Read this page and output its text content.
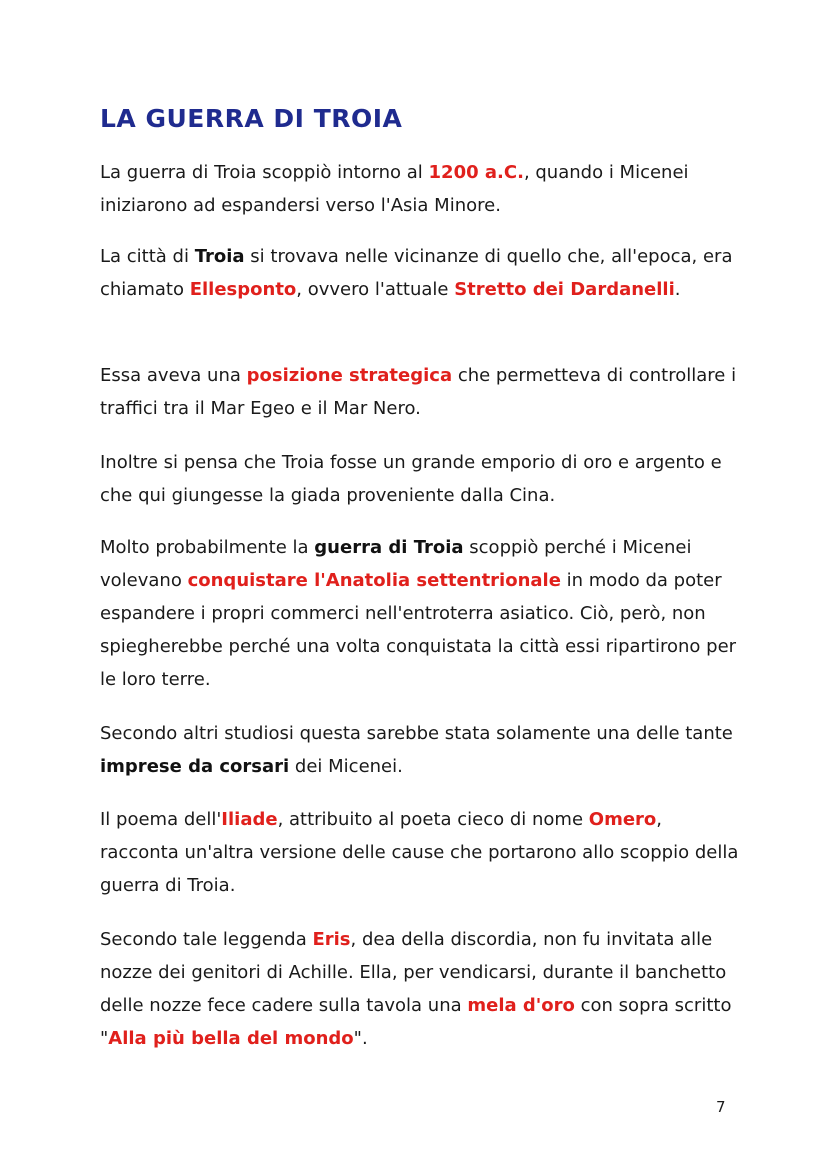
LA GUERRA DI TROIA

La guerra di Troia scoppiò intorno al 1200 a.C., quando i Micenei iniziarono ad espandersi verso l'Asia Minore.

La città di Troia si trovava nelle vicinanze di quello che, all'epoca, era chiamato Ellesponto, ovvero l'attuale Stretto dei Dardanelli.

Essa aveva una posizione strategica che permetteva di controllare i traffici tra il Mar Egeo e il Mar Nero.

Inoltre si pensa che Troia fosse un grande emporio di oro e argento e che qui giungesse la giada proveniente dalla Cina.

Molto probabilmente la guerra di Troia scoppiò perché i Micenei volevano conquistare l'Anatolia settentrionale in modo da poter espandere i propri commerci nell'entroterra asiatico. Ciò, però, non spiegherebbe perché una volta conquistata la città essi ripartirono per le loro terre.

Secondo altri studiosi questa sarebbe stata solamente una delle tante imprese da corsari dei Micenei.

Il poema dell'Iliade, attribuito al poeta cieco di nome Omero, racconta un'altra versione delle cause che portarono allo scoppio della guerra di Troia.

Secondo tale leggenda Eris, dea della discordia, non fu invitata alle nozze dei genitori di Achille. Ella, per vendicarsi, durante il banchetto delle nozze fece cadere sulla tavola una mela d'oro con sopra scritto "Alla più bella del mondo".

7
